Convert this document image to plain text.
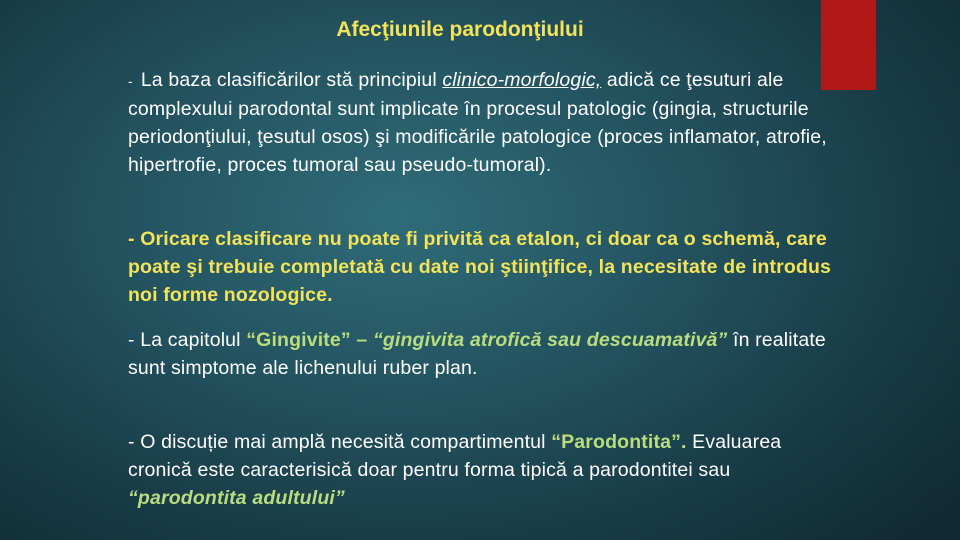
Afecţiunile parodonţiului

- La baza clasificărilor stă principiul clinico-morfologic, adică ce ţesuturi ale complexului parodontal sunt implicate în procesul patologic (gingia, structurile periodonţiului, ţesutul osos) şi modificările patologice (proces inflamator, atrofie, hipertrofie, proces tumoral sau pseudo-tumoral).

- Oricare clasificare nu poate fi privită ca etalon, ci doar ca o schemă, care poate şi trebuie completată cu date noi ştiinţifice, la necesitate de introdus noi forme nozologice.

- La capitolul “Gingivite” – “gingivita atrofică sau descuamativă” în realitate sunt simptome ale lichenului ruber plan.

- O discuție mai amplă necesită compartimentul “Parodontita”. Evaluarea cronică este caracterisică doar pentru forma tipică a parodontitei sau “parodontita adultului”
